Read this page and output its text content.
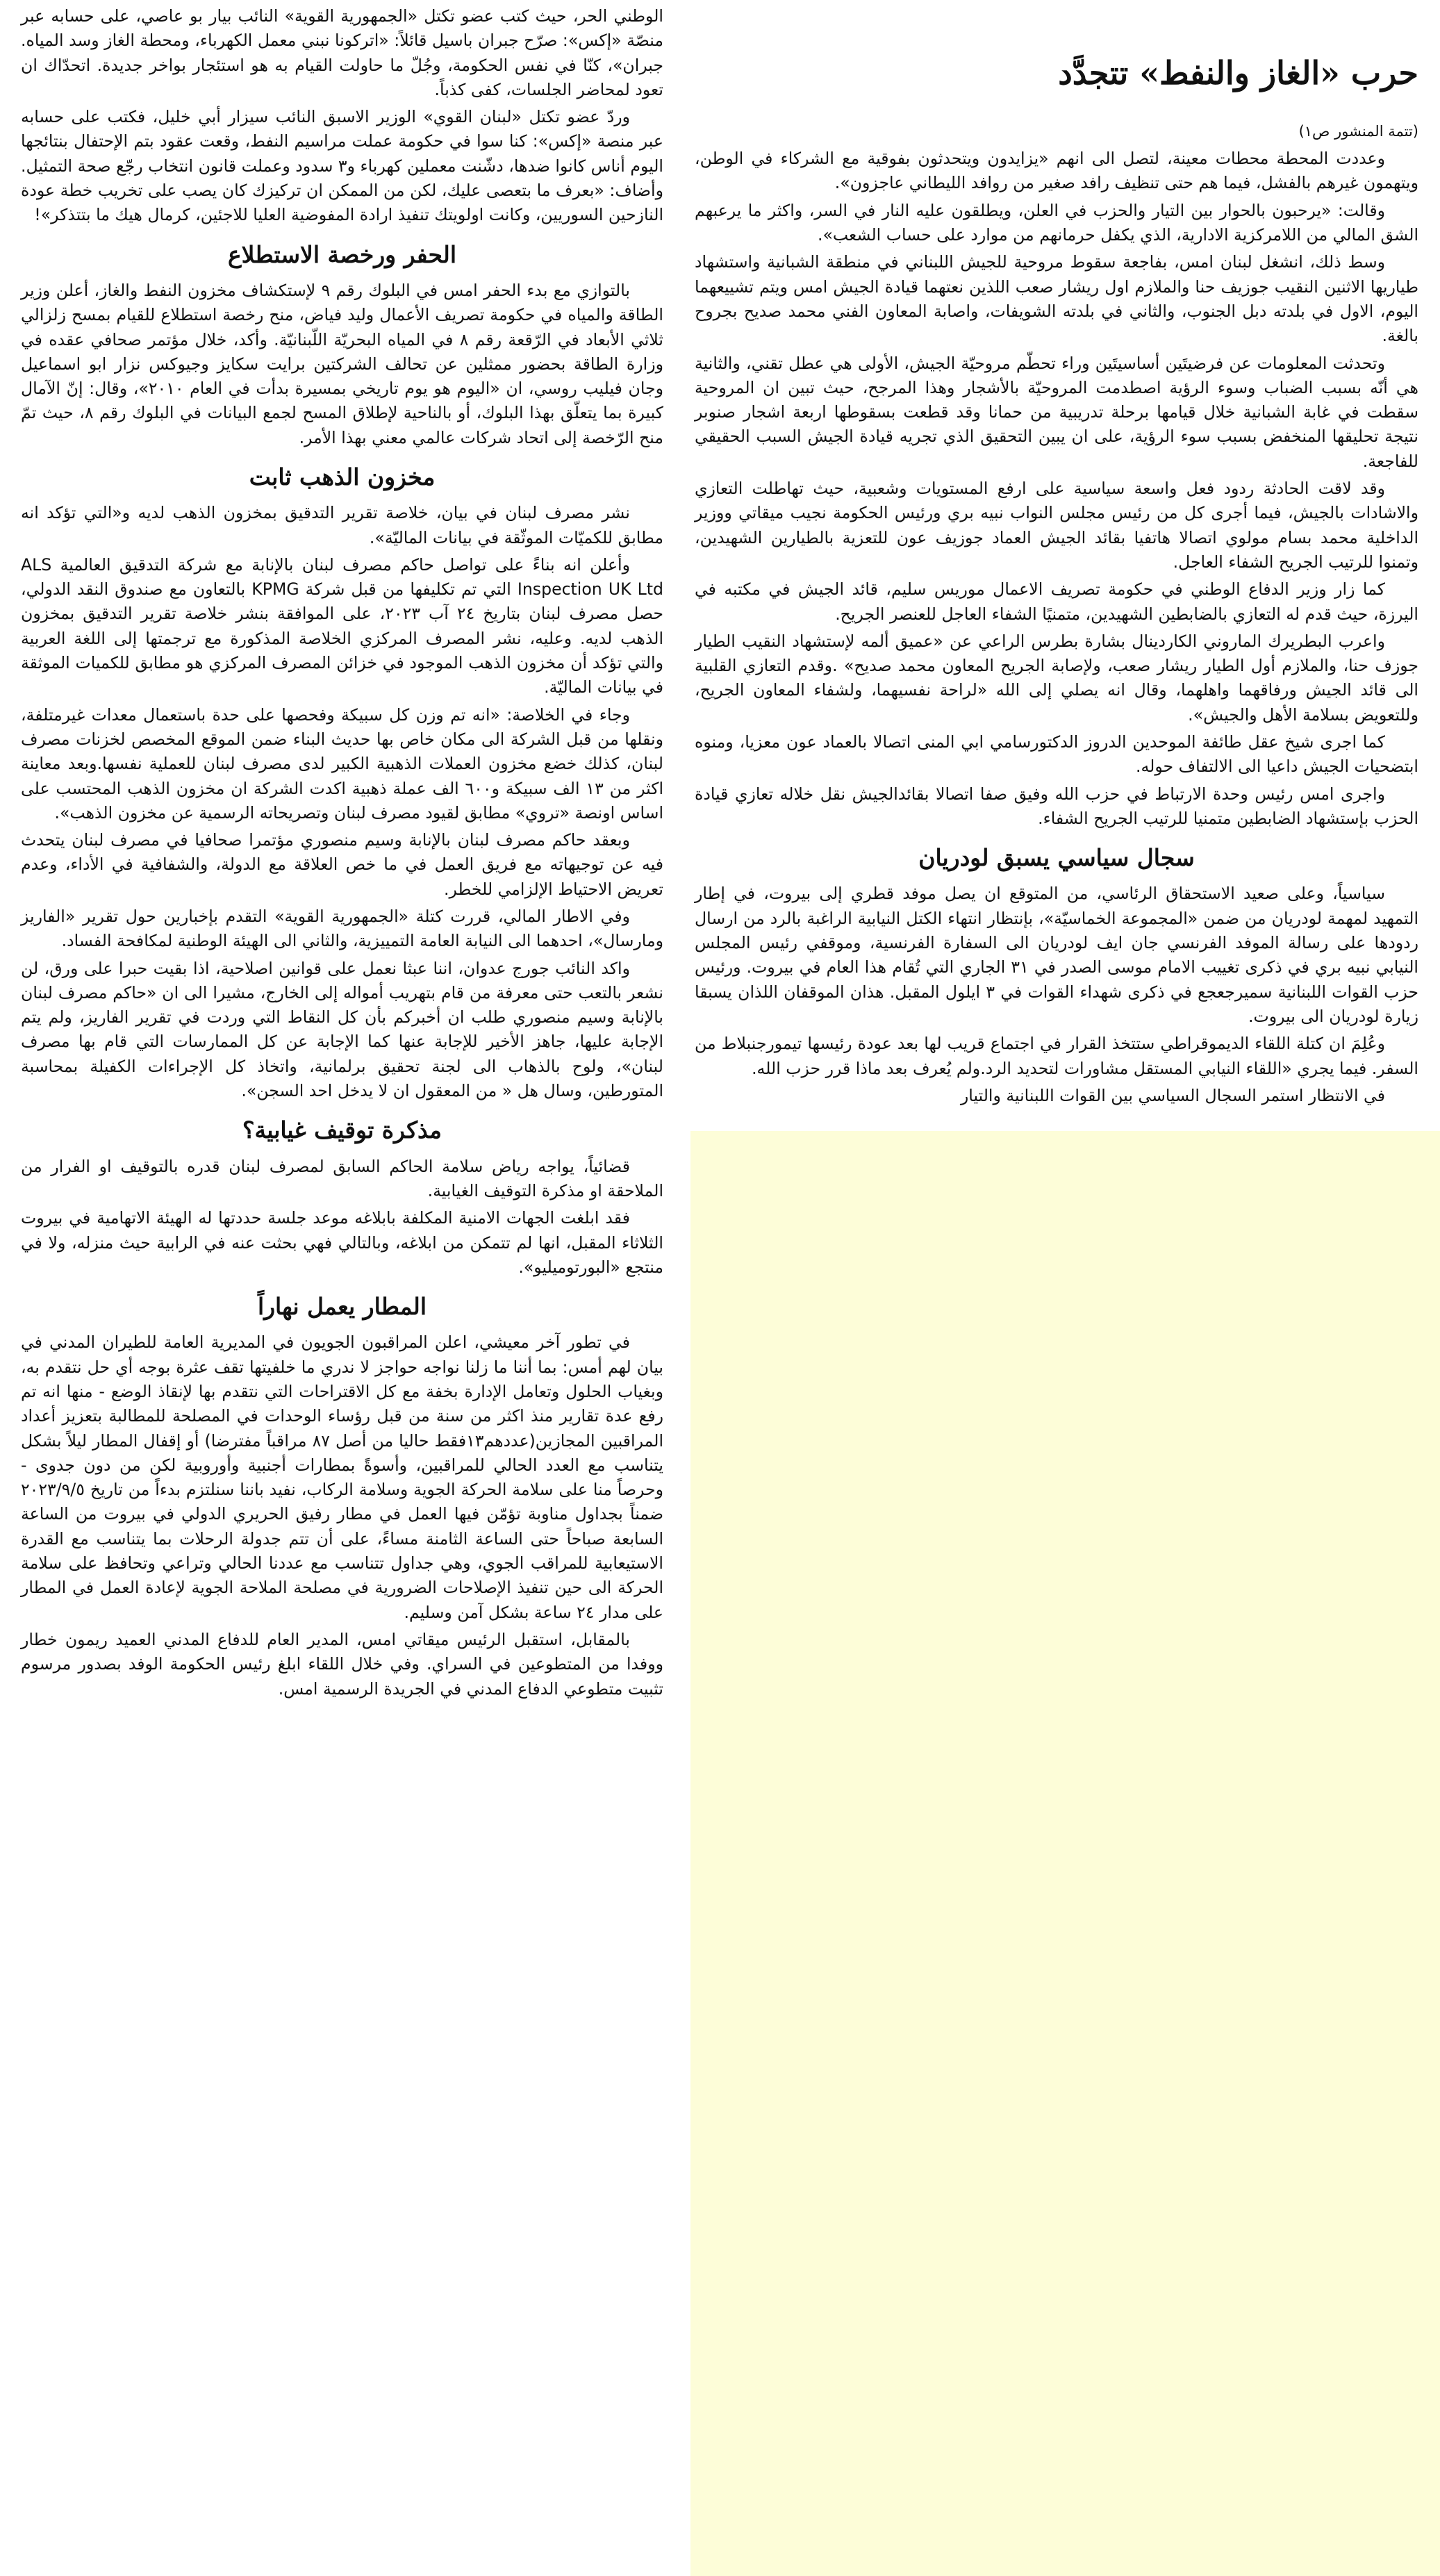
حرب «الغاز والنفط» تتجدَّد
(تتمة المنشور ص١)

وعددت المحطة محطات معينة، لتصل الى انهم «يزايدون ويتحدثون بفوقية مع الشركاء في الوطن، ويتهمون غيرهم بالفشل، فيما هم حتى تنظيف رافد صغير من روافد الليطاني عاجزون».

وقالت: «يرحبون بالحوار بين التيار والحزب في العلن، ويطلقون عليه النار في السر، واكثر ما يرعبهم الشق المالي من اللامركزية الادارية، الذي يكفل حرمانهم من موارد على حساب الشعب».

وسط ذلك، انشغل لبنان امس، بفاجعة سقوط مروحية للجيش اللبناني في منطقة الشبانية واستشهاد طياريها الاثنين النقيب جوزيف حنا والملازم اول ريشار صعب اللذين نعتهما قيادة الجيش امس ويتم تشييعهما اليوم، الاول في بلدته دبل الجنوب، والثاني في بلدته الشويفات، واصابة المعاون الفني محمد صديح بجروح بالغة.

وتحدثت المعلومات عن فرضيتَين أساسيتَين وراء تحطّم مروحيّة الجيش، الأولى هي عطل تقني، والثانية هي أنّه بسبب الضباب وسوء الرؤية اصطدمت المروحيّة بالأشجار وهذا المرجح، حيث تبين ان المروحية سقطت في غابة الشبانية خلال قيامها برحلة تدريبية من حمانا وقد قطعت بسقوطها اربعة اشجار صنوبر نتيجة تحليقها المنخفض بسبب سوء الرؤية، على ان يبين التحقيق الذي تجريه قيادة الجيش السبب الحقيقي للفاجعة.

وقد لاقت الحادثة ردود فعل واسعة سياسية على ارفع المستويات وشعبية، حيث تهاطلت التعازي والاشادات بالجيش، فيما أجرى كل من رئيس مجلس النواب نبيه بري ورئيس الحكومة نجيب ميقاتي ووزير الداخلية محمد بسام مولوي اتصالا هاتفيا بقائد الجيش العماد جوزيف عون للتعزية بالطيارين الشهيدين، وتمنوا للرتيب الجريح الشفاء العاجل.

كما زار وزير الدفاع الوطني في حكومة تصريف الاعمال موريس سليم، قائد الجيش في مكتبه في اليرزة، حيث قدم له التعازي بالضابطين الشهيدين، متمنيًا الشفاء العاجل للعنصر الجريح.

واعرب البطريرك الماروني الكاردينال بشارة بطرس الراعي عن «عميق ألمه لإستشهاد النقيب الطيار جوزف حنا، والملازم أول الطيار ريشار صعب، ولإصابة الجريح المعاون محمد صديح» .وقدم التعازي القلبية الى قائد الجيش ورفاقهما واهلهما، وقال انه يصلي إلى الله «لراحة نفسيهما، ولشفاء المعاون الجريح، وللتعويض بسلامة الأهل والجيش».

كما اجرى شيخ عقل طائفة الموحدين الدروز الدكتورسامي ابي المنى اتصالا بالعماد عون معزيا، ومنوه ابتضحيات الجيش داعيا الى الالتفاف حوله.

واجرى امس رئيس وحدة الارتباط في حزب الله وفيق صفا اتصالا بقائدالجيش نقل خلاله تعازي قيادة الحزب بإستشهاد الضابطين متمنيا للرتيب الجريح الشفاء.

سجال سياسي يسبق لودريان

سياسياً، وعلى صعيد الاستحقاق الرئاسي، من المتوقع ان يصل موفد قطري إلى بيروت، في إطار التمهيد لمهمة لودريان من ضمن «المجموعة الخماسيّة»، بإنتظار انتهاء الكتل النيابية الراغبة بالرد من ارسال ردودها على رسالة الموفد الفرنسي جان ايف لودريان الى السفارة الفرنسية، وموقفي رئيس المجلس النيابي نبيه بري في ذكرى تغييب الامام موسى الصدر في ٣١ الجاري التي تُقام هذا العام في بيروت. ورئيس حزب القوات اللبنانية سميرجعجع في ذكرى شهداء القوات في ٣ ايلول المقبل. هذان الموقفان اللذان يسبقا زيارة لودريان الى بيروت.

وعُلِمَ ان كتلة اللقاء الديموقراطي ستتخذ القرار في اجتماع قريب لها بعد عودة رئيسها تيمورجنبلاط من السفر. فيما يجري «اللقاء النيابي المستقل مشاورات لتحديد الرد.ولم يُعرف بعد ماذا قرر حزب الله.

في الانتظار استمر السجال السياسي بين القوات اللبنانية والتيار

الوطني الحر، حيث كتب عضو تكتل «الجمهورية القوية» النائب بيار بو عاصي، على حسابه عبر منصّة «إكس»: صرّح جبران باسيل قائلاً: «اتركونا نبني معمل الكهرباء، ومحطة الغاز وسد المياه. جبران»، كنّا في نفس الحكومة، وجُلّ ما حاولت القيام به هو استئجار بواخر جديدة. اتحدّاك ان تعود لمحاضر الجلسات، كفى كذباً.

وردّ عضو تكتل «لبنان القوي» الوزير الاسبق النائب سيزار أبي خليل، فكتب على حسابه عبر منصة «إكس»: كنا سوا في حكومة عملت مراسيم النفط، وقعت عقود بتم الإحتفال بنتائجها اليوم أناس كانوا ضدها، دشّنت معملين كهرباء و٣ سدود وعملت قانون انتخاب رجّع صحة التمثيل. وأضاف: «بعرف ما بتعصى عليك، لكن من الممكن ان تركيزك كان يصب على تخريب خطة عودة النازحين السوريين، وكانت اولويتك تنفيذ ارادة المفوضية العليا للاجئين، كرمال هيك ما بتتذكر»!

الحفر ورخصة الاستطلاع

بالتوازي مع بدء الحفر امس في البلوك رقم ٩ لإستكشاف مخزون النفط والغاز، أعلن وزير الطاقة والمياه في حكومة تصريف الأعمال وليد فياض، منح رخصة استطلاع للقيام بمسح زلزالي ثلاثي الأبعاد في الرّقعة رقم ٨ في المياه البحريّة اللّبنانيّة. وأكد، خلال مؤتمر صحافي عقده في وزارة الطاقة بحضور ممثلين عن تحالف الشركتين برايت سكايز وجيوكس نزار ابو اسماعيل وجان فيليب روسي، ان «اليوم هو يوم تاريخي بمسيرة بدأت في العام ٢٠١٠»، وقال: إنّ الآمال كبيرة بما يتعلّق بهذا البلوك، أو بالناحية لإطلاق المسح لجمع البيانات في البلوك رقم ٨، حيث تمّ منح الرّخصة إلى اتحاد شركات عالمي معني بهذا الأمر.

مخزون الذهب ثابت

نشر مصرف لبنان في بيان، خلاصة تقرير التدقيق بمخزون الذهب لديه و«التي تؤكد انه مطابق للكميّات الموثّقة في بيانات الماليّة».

وأعلن انه بناءً على تواصل حاكم مصرف لبنان بالإنابة مع شركة التدقيق العالمية ALS Inspection UK Ltd التي تم تكليفها من قبل شركة KPMG بالتعاون مع صندوق النقد الدولي، حصل مصرف لبنان بتاريخ ٢٤ آب ٢٠٢٣، على الموافقة بنشر خلاصة تقرير التدقيق بمخزون الذهب لديه. وعليه، نشر المصرف المركزي الخلاصة المذكورة مع ترجمتها إلى اللغة العربية والتي تؤكد أن مخزون الذهب الموجود في خزائن المصرف المركزي هو مطابق للكميات الموثقة في بيانات الماليّة.

وجاء في الخلاصة: «انه تم وزن كل سبيكة وفحصها على حدة باستعمال معدات غيرمتلفة، ونقلها من قبل الشركة الى مكان خاص بها حديث البناء ضمن الموقع المخصص لخزنات مصرف لبنان، كذلك خضع مخزون العملات الذهبية الكبير لدى مصرف لبنان للعملية نفسها.وبعد معاينة اكثر من ١٣ الف سبيكة و٦٠٠ الف عملة ذهبية اكدت الشركة ان مخزون الذهب المحتسب على اساس اونصة «تروي» مطابق لقيود مصرف لبنان وتصريحاته الرسمية عن مخزون الذهب».

وبعقد حاكم مصرف لبنان بالإنابة وسيم منصوري مؤتمرا صحافيا في مصرف لبنان يتحدث فيه عن توجيهاته مع فريق العمل في ما خص العلاقة مع الدولة، والشفافية في الأداء، وعدم تعريض الاحتياط الإلزامي للخطر.

وفي الاطار المالي، قررت كتلة «الجمهورية القوية» التقدم بإخبارين حول تقرير «الفاريز ومارسال»، احدهما الى النيابة العامة التمييزية، والثاني الى الهيئة الوطنية لمكافحة الفساد.

واكد النائب جورج عدوان، اننا عبثا نعمل على قوانين اصلاحية، اذا بقيت حبرا على ورق، لن نشعر بالتعب حتى معرفة من قام بتهريب أمواله إلى الخارج، مشيرا الى ان «حاكم مصرف لبنان بالإنابة وسيم منصوري طلب ان أخبركم بأن كل النقاط التي وردت في تقرير الفاريز، ولم يتم الإجابة عليها، جاهز الأخير للإجابة عنها كما الإجابة عن كل الممارسات التي قام بها مصرف لبنان»، ولوح بالذهاب الى لجنة تحقيق برلمانية، واتخاذ كل الإجراءات الكفيلة بمحاسبة المتورطين، وسال هل « من المعقول ان لا يدخل احد السجن».

مذكرة توقيف غيابية؟

قضائياً، يواجه رياض سلامة الحاكم السابق لمصرف لبنان قدره بالتوقيف او الفرار من الملاحقة او مذكرة التوقيف الغيابية.

فقد ابلغت الجهات الامنية المكلفة بابلاغه موعد جلسة حددتها له الهيئة الاتهامية في بيروت الثلاثاء المقبل، انها لم تتمكن من ابلاغه، وبالتالي فهي بحثت عنه في الرابية حيث منزله، ولا في منتجع «البورتوميليو».

المطار يعمل نهاراً

في تطور آخر معيشي، اعلن المراقبون الجويون في المديرية العامة للطيران المدني في بيان لهم أمس: بما أننا ما زلنا نواجه حواجز لا ندري ما خلفيتها تقف عثرة بوجه أي حل نتقدم به، وبغياب الحلول وتعامل الإدارة بخفة مع كل الاقتراحات التي نتقدم بها لإنقاذ الوضع - منها انه تم رفع عدة تقارير منذ اكثر من سنة من قبل رؤساء الوحدات في المصلحة للمطالبة بتعزيز أعداد المراقبين المجازين(عددهم١٣فقط حاليا من أصل ٨٧ مراقباً مفترضا) أو إقفال المطار ليلاً بشكل يتناسب مع العدد الحالي للمراقبين، وأسوةً بمطارات أجنبية وأوروبية لكن من دون جدوى - وحرصاً منا على سلامة الحركة الجوية وسلامة الركاب، نفيد باننا سنلتزم بدءاً من تاريخ ٢٠٢٣/٩/٥ ضمناً بجداول مناوبة تؤمّن فيها العمل في مطار رفيق الحريري الدولي في بيروت من الساعة السابعة صباحاً حتى الساعة الثامنة مساءً، على أن تتم جدولة الرحلات بما يتناسب مع القدرة الاستيعابية للمراقب الجوي، وهي جداول تتناسب مع عددنا الحالي وتراعي وتحافظ على سلامة الحركة الى حين تنفيذ الإصلاحات الضرورية في مصلحة الملاحة الجوية لإعادة العمل في المطار على مدار ٢٤ ساعة بشكل آمن وسليم.

بالمقابل، استقبل الرئيس ميقاتي امس، المدير العام للدفاع المدني العميد ريمون خطار ووفدا من المتطوعين في السراي. وفي خلال اللقاء ابلغ رئيس الحكومة الوفد بصدور مرسوم تثبيت متطوعي الدفاع المدني في الجريدة الرسمية امس.
